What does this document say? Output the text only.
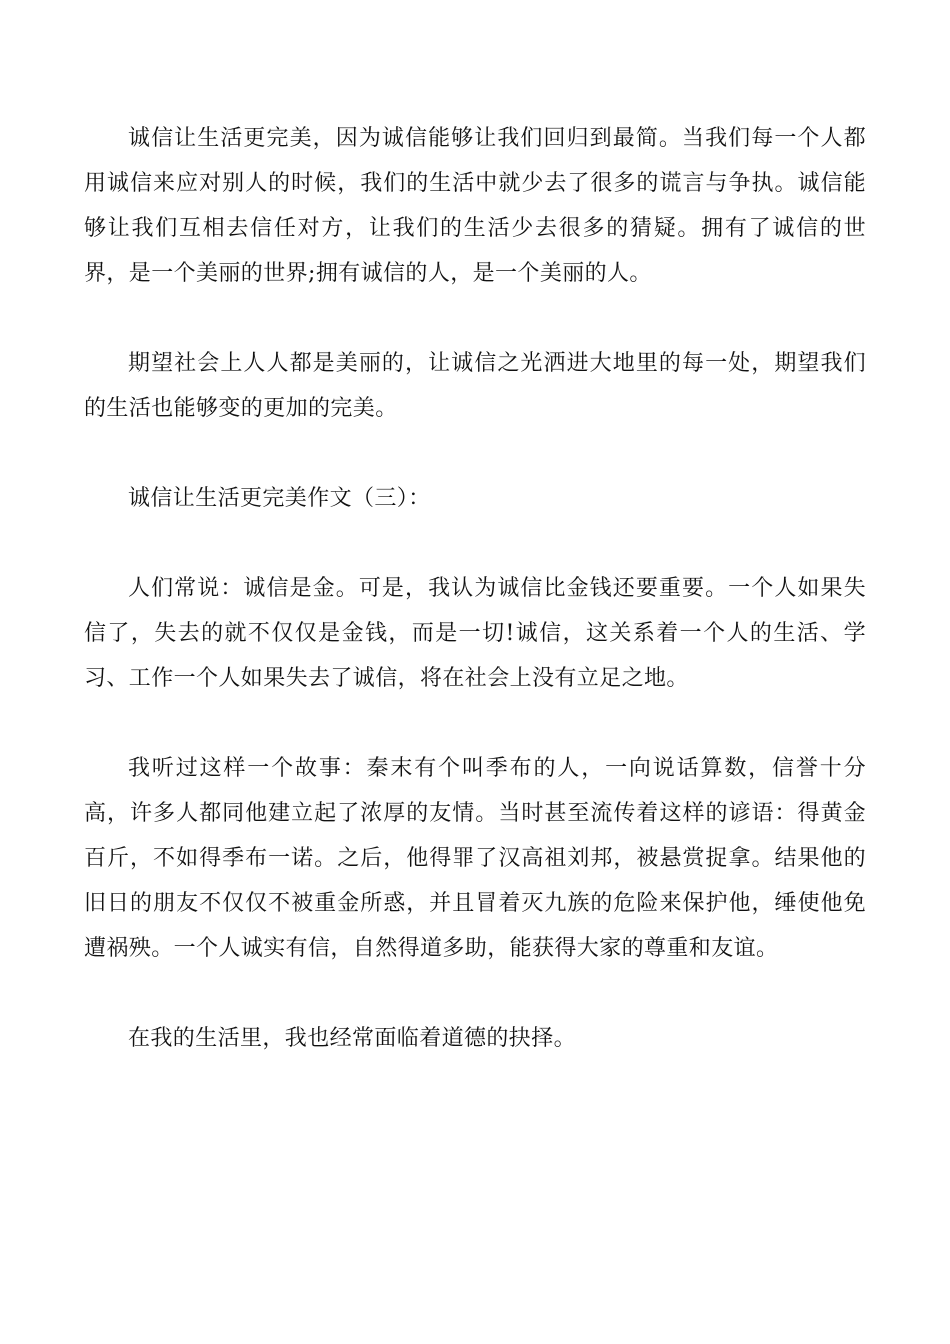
诚信让生活更完美，因为诚信能够让我们回归到最简。当我们每一个人都用诚信来应对别人的时候，我们的生活中就少去了很多的谎言与争执。诚信能够让我们互相去信任对方，让我们的生活少去很多的猜疑。拥有了诚信的世界，是一个美丽的世界;拥有诚信的人，是一个美丽的人。

期望社会上人人都是美丽的，让诚信之光洒进大地里的每一处，期望我们的生活也能够变的更加的完美。

诚信让生活更完美作文（三）：

人们常说：诚信是金。可是，我认为诚信比金钱还要重要。一个人如果失信了，失去的就不仅仅是金钱，而是一切!诚信，这关系着一个人的生活、学习、工作一个人如果失去了诚信，将在社会上没有立足之地。

我听过这样一个故事：秦末有个叫季布的人，一向说话算数，信誉十分高，许多人都同他建立起了浓厚的友情。当时甚至流传着这样的谚语：得黄金百斤，不如得季布一诺。之后，他得罪了汉高祖刘邦，被悬赏捉拿。结果他的旧日的朋友不仅仅不被重金所惑，并且冒着灭九族的危险来保护他，缍使他免遭祸殃。一个人诚实有信，自然得道多助，能获得大家的尊重和友谊。

在我的生活里，我也经常面临着道德的抉择。
